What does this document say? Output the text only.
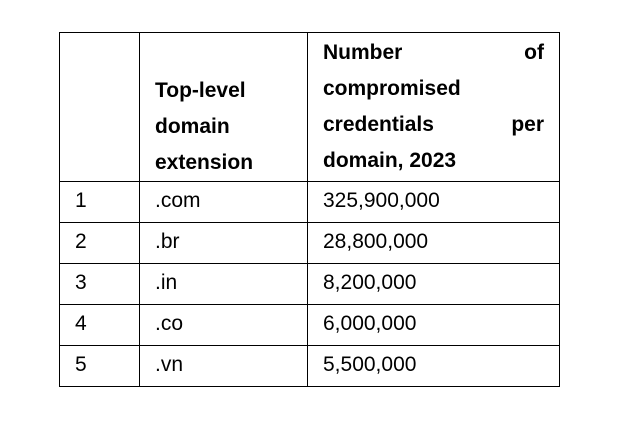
	Top-level domain extension	Number of compromised credentials per domain, 2023

1	.com	325,900,000
2	.br	28,800,000
3	.in	8,200,000
4	.co	6,000,000
5	.vn	5,500,000
